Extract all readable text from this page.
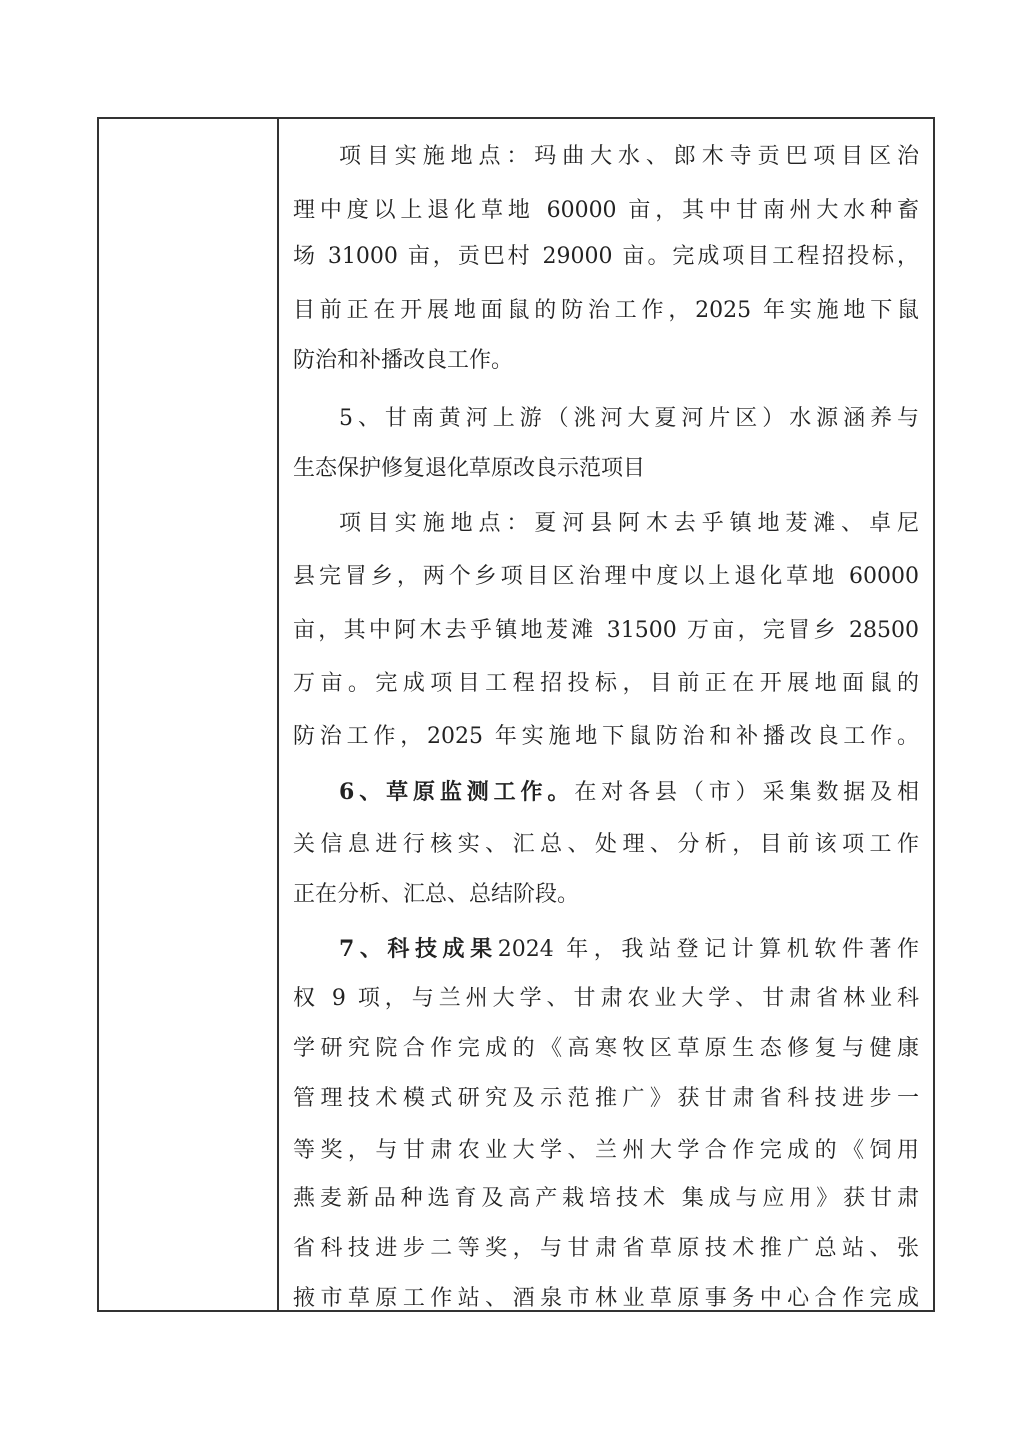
项目实施地点：玛曲大水、郎木寺贡巴项目区治
理中度以上退化草地 60000 亩，其中甘南州大水种畜
场 31000 亩，贡巴村 29000 亩。完成项目工程招投标，
目前正在开展地面鼠的防治工作，2025 年实施地下鼠
防治和补播改良工作。
5、甘南黄河上游（洮河大夏河片区）水源涵养与
生态保护修复退化草原改良示范项目
项目实施地点：夏河县阿木去乎镇地茇滩、卓尼
县完冒乡，两个乡项目区治理中度以上退化草地 60000
亩，其中阿木去乎镇地茇滩 31500 万亩，完冒乡 28500
万亩。完成项目工程招投标，目前正在开展地面鼠的
防治工作，2025 年实施地下鼠防治和补播改良工作。
6、草原监测工作。在对各县（市）采集数据及相
关信息进行核实、汇总、处理、分析，目前该项工作
正在分析、汇总、总结阶段。
7、科技成果2024 年，我站登记计算机软件著作
权 9 项，与兰州大学、甘肃农业大学、甘肃省林业科
学研究院合作完成的《高寒牧区草原生态修复与健康
管理技术模式研究及示范推广》获甘肃省科技进步一
等奖，与甘肃农业大学、兰州大学合作完成的《饲用
燕麦新品种选育及高产栽培技术 集成与应用》获甘肃
省科技进步二等奖，与甘肃省草原技术推广总站、张
掖市草原工作站、酒泉市林业草原事务中心合作完成
